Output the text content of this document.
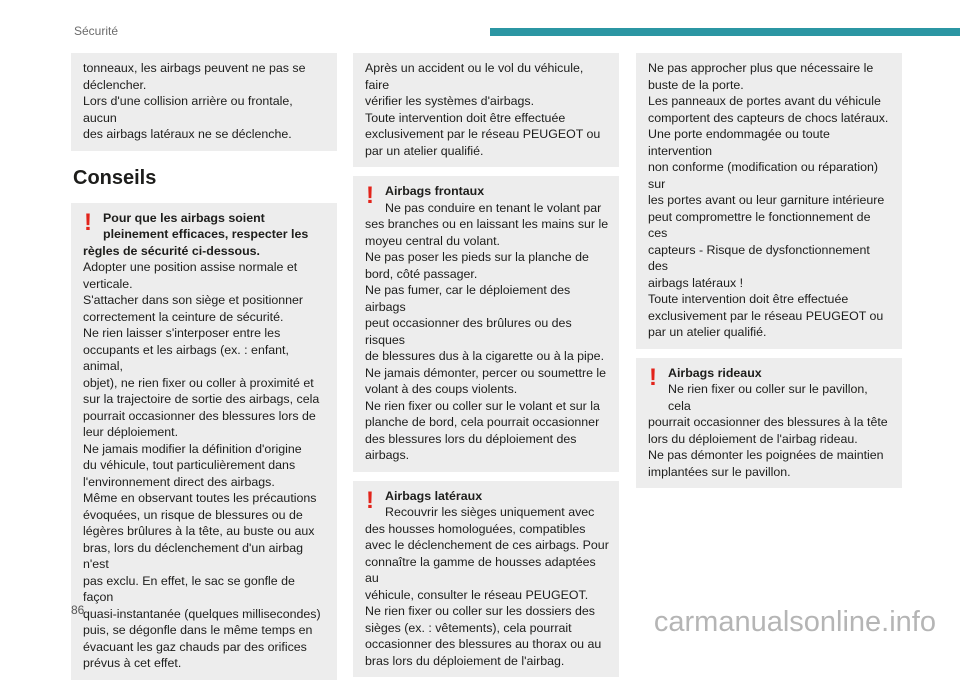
Sécurité

tonneaux, les airbags peuvent ne pas se

déclencher.

Lors d'une collision arrière ou frontale, aucun

des airbags latéraux ne se déclenche.

Conseils
! Pour que les airbags soient

pleinement efficaces, respecter les

règles de sécurité ci-dessous.

Adopter une position assise normale et

verticale.

S'attacher dans son siège et positionner

correctement la ceinture de sécurité.

Ne rien laisser s'interposer entre les

occupants et les airbags (ex. : enfant, animal,

objet), ne rien fixer ou coller à proximité et

sur la trajectoire de sortie des airbags, cela

pourrait occasionner des blessures lors de

leur déploiement.

Ne jamais modifier la définition d'origine

du véhicule, tout particulièrement dans

l'environnement direct des airbags.

Même en observant toutes les précautions

évoquées, un risque de blessures ou de

légères brûlures à la tête, au buste ou aux

bras, lors du déclenchement d'un airbag n'est

pas exclu. En effet, le sac se gonfle de façon

quasi-instantanée (quelques millisecondes)

puis, se dégonfle dans le même temps en

évacuant les gaz chauds par des orifices

prévus à cet effet.

Après un accident ou le vol du véhicule, faire

vérifier les systèmes d'airbags.

Toute intervention doit être effectuée

exclusivement par le réseau PEUGEOT ou

par un atelier qualifié.

! Airbags frontaux

Ne pas conduire en tenant le volant par

ses branches ou en laissant les mains sur le

moyeu central du volant.

Ne pas poser les pieds sur la planche de

bord, côté passager.

Ne pas fumer, car le déploiement des airbags

peut occasionner des brûlures ou des risques

de blessures dus à la cigarette ou à la pipe.

Ne jamais démonter, percer ou soumettre le

volant à des coups violents.

Ne rien fixer ou coller sur le volant et sur la

planche de bord, cela pourrait occasionner

des blessures lors du déploiement des

airbags.

! Airbags latéraux

Recouvrir les sièges uniquement avec

des housses homologuées, compatibles

avec le déclenchement de ces airbags. Pour

connaître la gamme de housses adaptées au

véhicule, consulter le réseau PEUGEOT.

Ne rien fixer ou coller sur les dossiers des

sièges (ex. : vêtements), cela pourrait

occasionner des blessures au thorax ou au

bras lors du déploiement de l'airbag.

Ne pas approcher plus que nécessaire le

buste de la porte.

Les panneaux de portes avant du véhicule

comportent des capteurs de chocs latéraux.

Une porte endommagée ou toute intervention

non conforme (modification ou réparation) sur

les portes avant ou leur garniture intérieure

peut compromettre le fonctionnement de ces

capteurs - Risque de dysfonctionnement des

airbags latéraux !

Toute intervention doit être effectuée

exclusivement par le réseau PEUGEOT ou

par un atelier qualifié.

! Airbags rideaux

Ne rien fixer ou coller sur le pavillon, cela

pourrait occasionner des blessures à la tête

lors du déploiement de l'airbag rideau.

Ne pas démonter les poignées de maintien

implantées sur le pavillon.

86	carmanualsonline.info
